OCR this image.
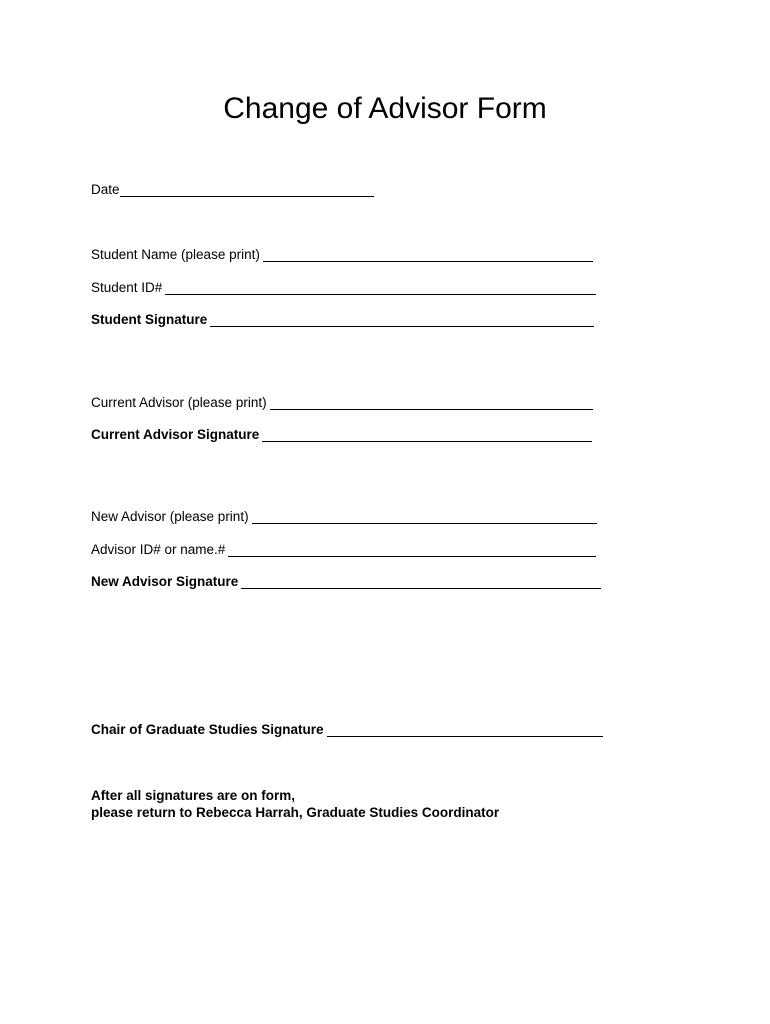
Change of Advisor Form
Date
Student Name (please print)
Student ID#
Student Signature
Current Advisor (please print)
Current Advisor Signature
New Advisor (please print)
Advisor ID# or name.#
New Advisor Signature
Chair of Graduate Studies Signature
After all signatures are on form,
please return to Rebecca Harrah, Graduate Studies Coordinator
